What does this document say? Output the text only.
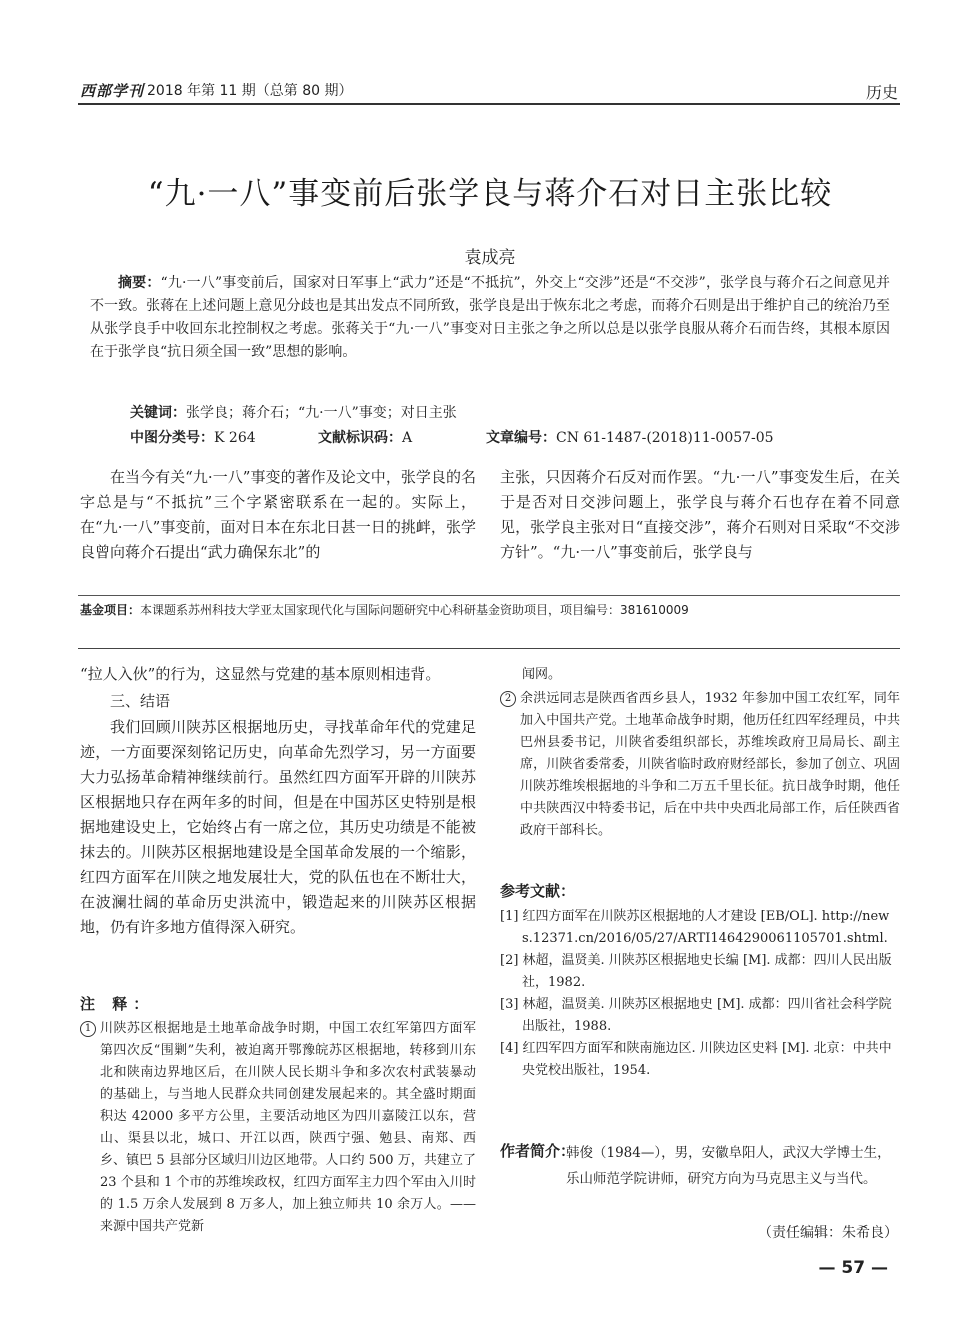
西部学刊 2018 年第 11 期（总第 80 期）	历史
“九·一八”事变前后张学良与蒋介石对日主张比较
袁成亮
摘要：“九·一八”事变前后，国家对日军事上“武力”还是“不抵抗”，外交上“交涉”还是“不交涉”，张学良与蒋介石之间意见并不一致。张蒋在上述问题上意见分歧也是其出发点不同所致，张学良是出于恢东北之考虑，而蒋介石则是出于维护自己的统治乃至从张学良手中收回东北控制权之考虑。张蒋关于“九·一八”事变对日主张之争之所以总是以张学良服从蒋介石而告终，其根本原因在于张学良“抗日须全国一致”思想的影响。
关键词：张学良；蒋介石；“九·一八”事变；对日主张
中图分类号：K 264	文献标识码：A	文章编号：CN 61-1487-(2018)11-0057-05
在当今有关“九·一八”事变的著作及论文中，张学良的名字总是与“不抵抗”三个字紧密联系在一起的。实际上，在“九·一八”事变前，面对日本在东北日甚一日的挑衅，张学良曾向蒋介石提出“武力确保东北”的
主张，只因蒋介石反对而作罢。“九·一八”事变发生后，在关于是否对日交涉问题上，张学良与蒋介石也存在着不同意见，张学良主张对日“直接交涉”，蒋介石则对日采取“不交涉方针”。“九·一八”事变前后，张学良与
基金项目：本课题系苏州科技大学亚太国家现代化与国际问题研究中心科研基金资助项目，项目编号：381610009
“拉人入伙”的行为，这显然与党建的基本原则相违背。
三、结语
我们回顾川陕苏区根据地历史，寻找革命年代的党建足迹，一方面要深刻铭记历史，向革命先烈学习，另一方面要大力弘扬革命精神继续前行。虽然红四方面军开辟的川陕苏区根据地只存在两年多的时间，但是在中国苏区史特别是根据地建设史上，它始终占有一席之位，其历史功绩是不能被抹去的。川陕苏区根据地建设是全国革命发展的一个缩影，红四方面军在川陕之地发展壮大，党的队伍也在不断壮大，在波澜壮阔的革命历史洪流中，锻造起来的川陕苏区根据地，仍有许多地方值得深入研究。
注 释：
1 川陕苏区根据地是土地革命战争时期，中国工农红军第四方面军第四次反“围剿”失利，被迫离开鄂豫皖苏区根据地，转移到川东北和陕南边界地区后，在川陕人民长期斗争和多次农村武装暴动的基础上，与当地人民群众共同创建发展起来的。其全盛时期面积达 42000 多平方公里，主要活动地区为四川嘉陵江以东，营山、渠县以北，城口、开江以西，陕西宁强、勉县、南郑、西乡、镇巴 5 县部分区域归川边区地带。人口约 500 万，共建立了 23 个县和 1 个市的苏维埃政权，红四方面军主力四个军由入川时的 1.5 万余人发展到 8 万多人，加上独立师共 10 余万人。——来源中国共产党新
闻网。
2 余洪远同志是陕西省西乡县人，1932 年参加中国工农红军，同年加入中国共产党。土地革命战争时期，他历任红四军经理员，中共巴州县委书记，川陕省委组织部长，苏维埃政府卫局局长、副主席，川陕省委常委，川陕省临时政府财经部长，参加了创立、巩固川陕苏维埃根据地的斗争和二万五千里长征。抗日战争时期，他任中共陕西汉中特委书记，后在中共中央西北局部工作，后任陕西省政府干部科长。
参考文献：
[1] 红四方面军在川陕苏区根据地的人才建设 [EB/OL]. http://news.12371.cn/2016/05/27/ARTI1464290061105701.shtml.
[2] 林超，温贤美. 川陕苏区根据地史长编 [M]. 成都：四川人民出版社，1982.
[3] 林超，温贤美. 川陕苏区根据地史 [M]. 成都：四川省社会科学院出版社，1988.
[4] 红四军四方面军和陕南施边区. 川陕边区史料 [M]. 北京：中共中央党校出版社，1954.
作者简介：
韩俊（1984—），男，安徽阜阳人，武汉大学博士生，乐山师范学院讲师，研究方向为马克思主义与当代。
（责任编辑：朱希良）
— 57 —
